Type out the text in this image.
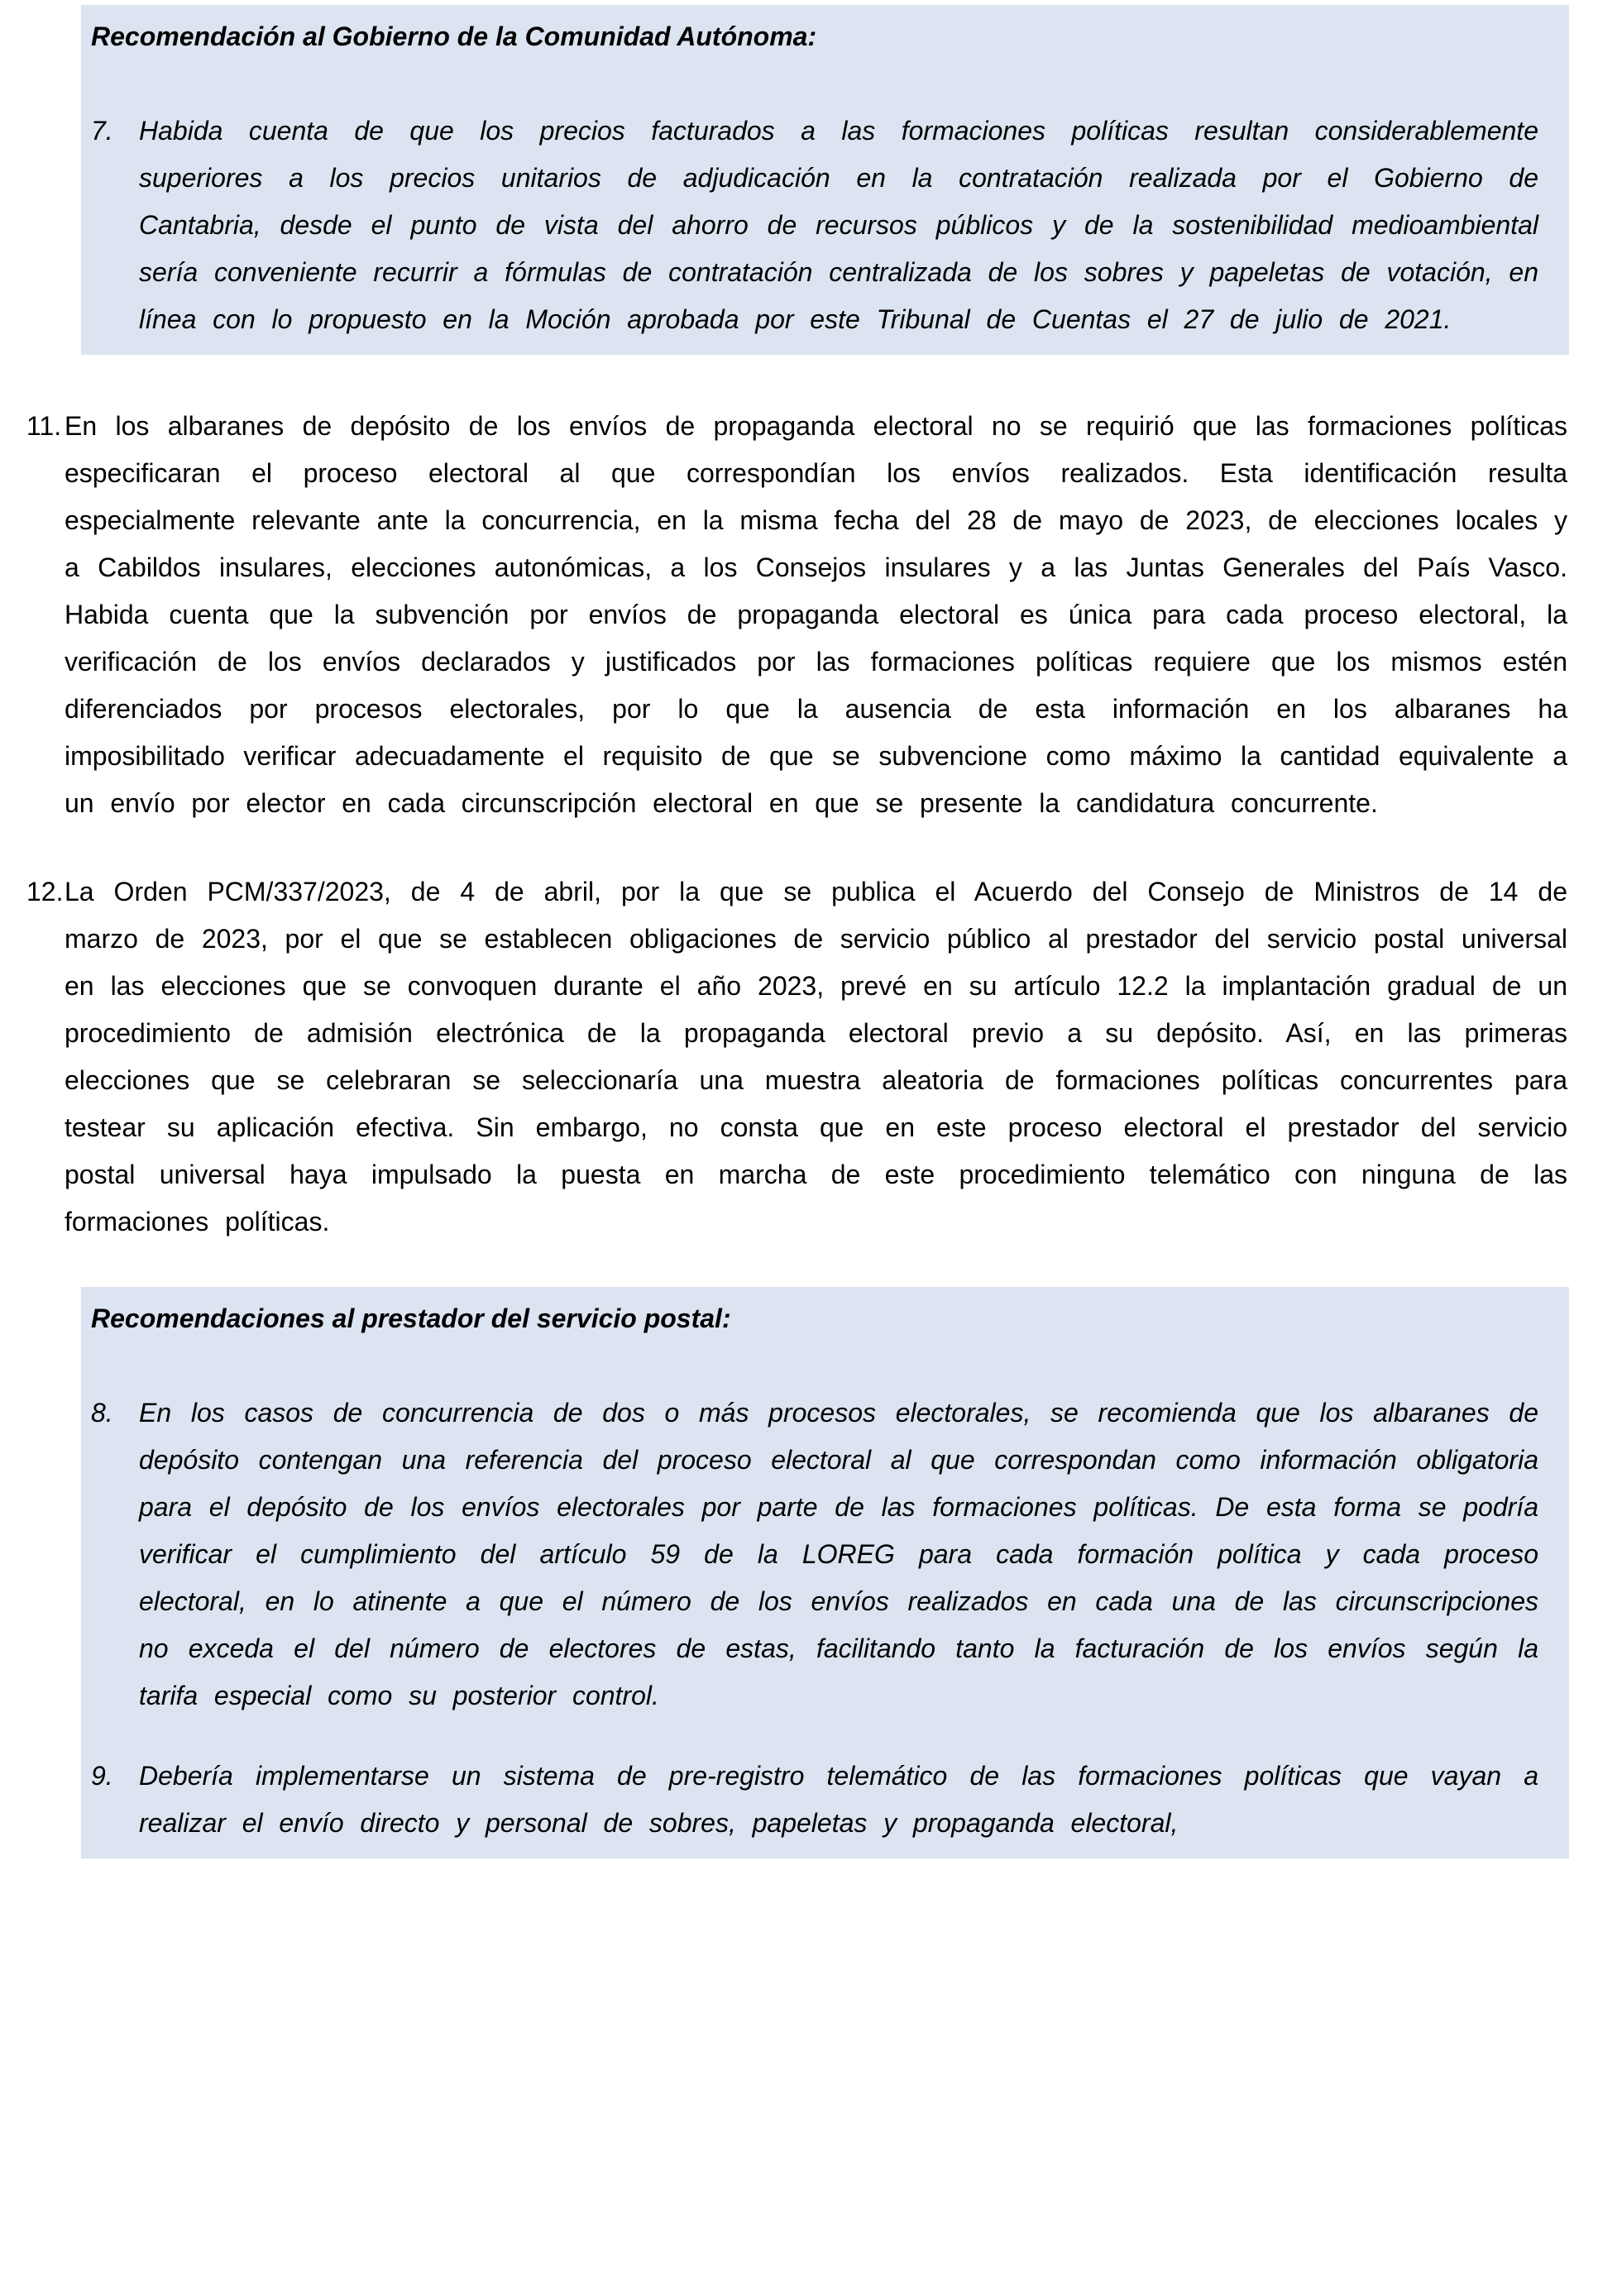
Recomendación al Gobierno de la Comunidad Autónoma:
7. Habida cuenta de que los precios facturados a las formaciones políticas resultan considerablemente superiores a los precios unitarios de adjudicación en la contratación realizada por el Gobierno de Cantabria, desde el punto de vista del ahorro de recursos públicos y de la sostenibilidad medioambiental sería conveniente recurrir a fórmulas de contratación centralizada de los sobres y papeletas de votación, en línea con lo propuesto en la Moción aprobada por este Tribunal de Cuentas el 27 de julio de 2021.
11. En los albaranes de depósito de los envíos de propaganda electoral no se requirió que las formaciones políticas especificaran el proceso electoral al que correspondían los envíos realizados. Esta identificación resulta especialmente relevante ante la concurrencia, en la misma fecha del 28 de mayo de 2023, de elecciones locales y a Cabildos insulares, elecciones autonómicas, a los Consejos insulares y a las Juntas Generales del País Vasco. Habida cuenta que la subvención por envíos de propaganda electoral es única para cada proceso electoral, la verificación de los envíos declarados y justificados por las formaciones políticas requiere que los mismos estén diferenciados por procesos electorales, por lo que la ausencia de esta información en los albaranes ha imposibilitado verificar adecuadamente el requisito de que se subvencione como máximo la cantidad equivalente a un envío por elector en cada circunscripción electoral en que se presente la candidatura concurrente.
12. La Orden PCM/337/2023, de 4 de abril, por la que se publica el Acuerdo del Consejo de Ministros de 14 de marzo de 2023, por el que se establecen obligaciones de servicio público al prestador del servicio postal universal en las elecciones que se convoquen durante el año 2023, prevé en su artículo 12.2 la implantación gradual de un procedimiento de admisión electrónica de la propaganda electoral previo a su depósito. Así, en las primeras elecciones que se celebraran se seleccionaría una muestra aleatoria de formaciones políticas concurrentes para testear su aplicación efectiva. Sin embargo, no consta que en este proceso electoral el prestador del servicio postal universal haya impulsado la puesta en marcha de este procedimiento telemático con ninguna de las formaciones políticas.
Recomendaciones al prestador del servicio postal:
8. En los casos de concurrencia de dos o más procesos electorales, se recomienda que los albaranes de depósito contengan una referencia del proceso electoral al que correspondan como información obligatoria para el depósito de los envíos electorales por parte de las formaciones políticas. De esta forma se podría verificar el cumplimiento del artículo 59 de la LOREG para cada formación política y cada proceso electoral, en lo atinente a que el número de los envíos realizados en cada una de las circunscripciones no exceda el del número de electores de estas, facilitando tanto la facturación de los envíos según la tarifa especial como su posterior control.
9. Debería implementarse un sistema de pre-registro telemático de las formaciones políticas que vayan a realizar el envío directo y personal de sobres, papeletas y propaganda electoral,
